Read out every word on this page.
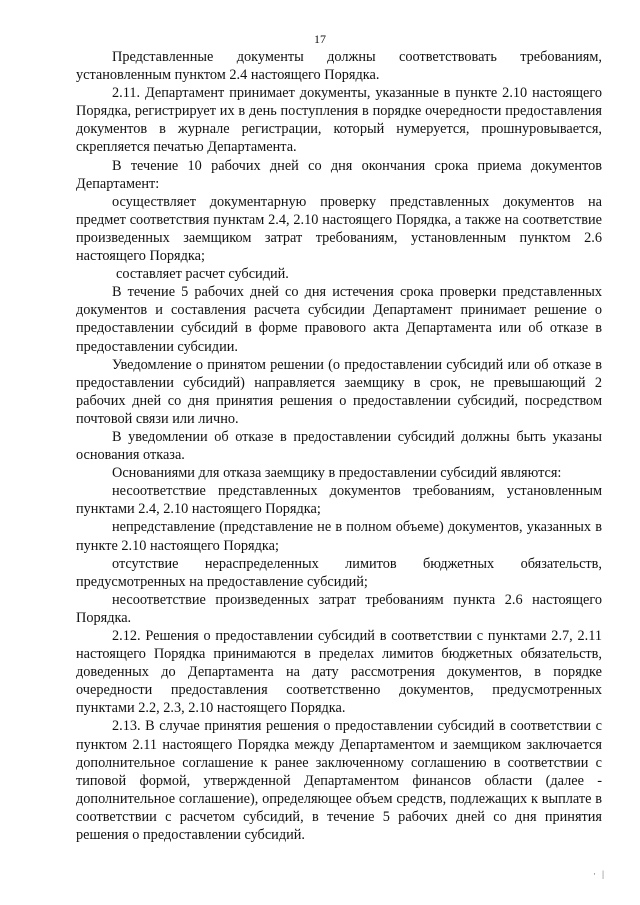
17

Представленные документы должны соответствовать требованиям, установленным пунктом 2.4 настоящего Порядка.

2.11. Департамент принимает документы, указанные в пункте 2.10 настоящего Порядка, регистрирует их в день поступления в порядке очередности предоставления документов в журнале регистрации, который нумеруется, прошнуровывается, скрепляется печатью Департамента.

В течение 10 рабочих дней со дня окончания срока приема документов Департамент:

осуществляет документарную проверку представленных документов на предмет соответствия пунктам 2.4, 2.10 настоящего Порядка, а также на соответствие произведенных заемщиком затрат требованиям, установленным пунктом 2.6 настоящего Порядка;

составляет расчет субсидий.

В течение 5 рабочих дней со дня истечения срока проверки представленных документов и составления расчета субсидии Департамент принимает решение о предоставлении субсидий в форме правового акта Департамента или об отказе в предоставлении субсидии.

Уведомление о принятом решении (о предоставлении субсидий или об отказе в предоставлении субсидий) направляется заемщику в срок, не превышающий 2 рабочих дней со дня принятия решения о предоставлении субсидий, посредством почтовой связи или лично.

В уведомлении об отказе в предоставлении субсидий должны быть указаны основания отказа.

Основаниями для отказа заемщику в предоставлении субсидий являются:

несоответствие представленных документов требованиям, установленным пунктами 2.4, 2.10 настоящего Порядка;

непредставление (представление не в полном объеме) документов, указанных в пункте 2.10 настоящего Порядка;

отсутствие нераспределенных лимитов бюджетных обязательств, предусмотренных на предоставление субсидий;

несоответствие произведенных затрат требованиям пункта 2.6 настоящего Порядка.

2.12. Решения о предоставлении субсидий в соответствии с пунктами 2.7, 2.11 настоящего Порядка принимаются в пределах лимитов бюджетных обязательств, доведенных до Департамента на дату рассмотрения документов, в порядке очередности предоставления соответственно документов, предусмотренных пунктами 2.2, 2.3, 2.10 настоящего Порядка.

2.13. В случае принятия решения о предоставлении субсидий в соответствии с пунктом 2.11 настоящего Порядка между Департаментом и заемщиком заключается дополнительное соглашение к ранее заключенному соглашению в соответствии с типовой формой, утвержденной Департаментом финансов области (далее - дополнительное соглашение), определяющее объем средств, подлежащих к выплате в соответствии с расчетом субсидий, в течение 5 рабочих дней со дня принятия решения о предоставлении субсидий.

· |
